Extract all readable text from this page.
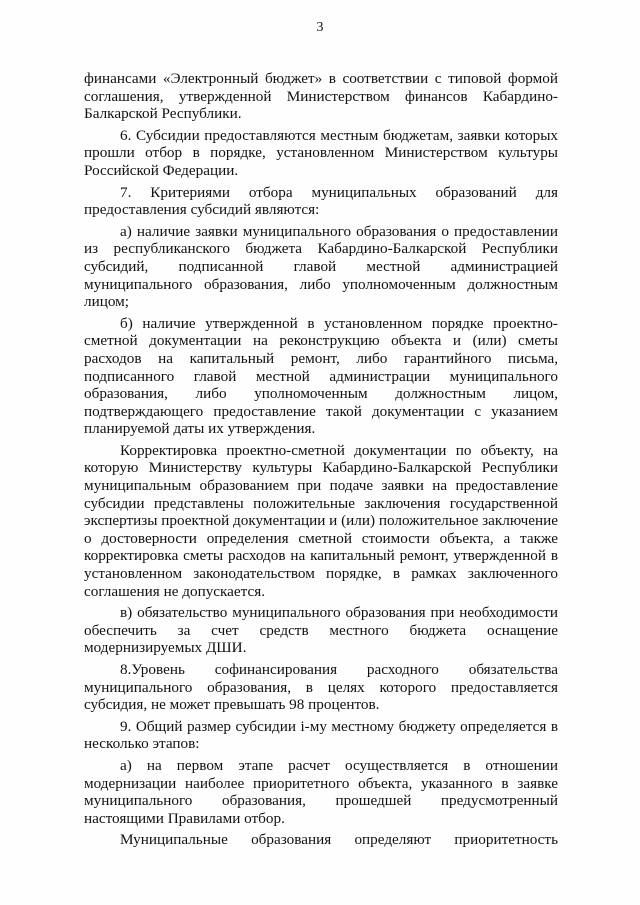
3

финансами «Электронный бюджет» в соответствии с типовой формой соглашения, утвержденной Министерством финансов Кабардино-Балкарской Республики.

6. Субсидии предоставляются местным бюджетам, заявки которых прошли отбор в порядке, установленном Министерством культуры Российской Федерации.

7. Критериями отбора муниципальных образований для предоставления субсидий являются:

а) наличие заявки муниципального образования о предоставлении из республиканского бюджета Кабардино-Балкарской Республики субсидий, подписанной главой местной администрацией муниципального образования, либо уполномоченным должностным лицом;

б) наличие утвержденной в установленном порядке проектно-сметной документации на реконструкцию объекта и (или) сметы расходов на капитальный ремонт, либо гарантийного письма, подписанного главой местной администрации муниципального образования, либо уполномоченным должностным лицом, подтверждающего предоставление такой документации с указанием планируемой даты их утверждения.

Корректировка проектно-сметной документации по объекту, на которую Министерству культуры Кабардино-Балкарской Республики муниципальным образованием при подаче заявки на предоставление субсидии представлены положительные заключения государственной экспертизы проектной документации и (или) положительное заключение о достоверности определения сметной стоимости объекта, а также корректировка сметы расходов на капитальный ремонт, утвержденной в установленном законодательством порядке, в рамках заключенного соглашения не допускается.

в) обязательство муниципального образования при необходимости обеспечить за счет средств местного бюджета оснащение модернизируемых ДШИ.

8.Уровень софинансирования расходного обязательства муниципального образования, в целях которого предоставляется субсидия, не может превышать 98 процентов.

9. Общий размер субсидии i-му местному бюджету определяется в несколько этапов:

а) на первом этапе расчет осуществляется в отношении модернизации наиболее приоритетного объекта, указанного в заявке муниципального образования, прошедшей предусмотренный настоящими Правилами отбор.

Муниципальные образования определяют приоритетность
